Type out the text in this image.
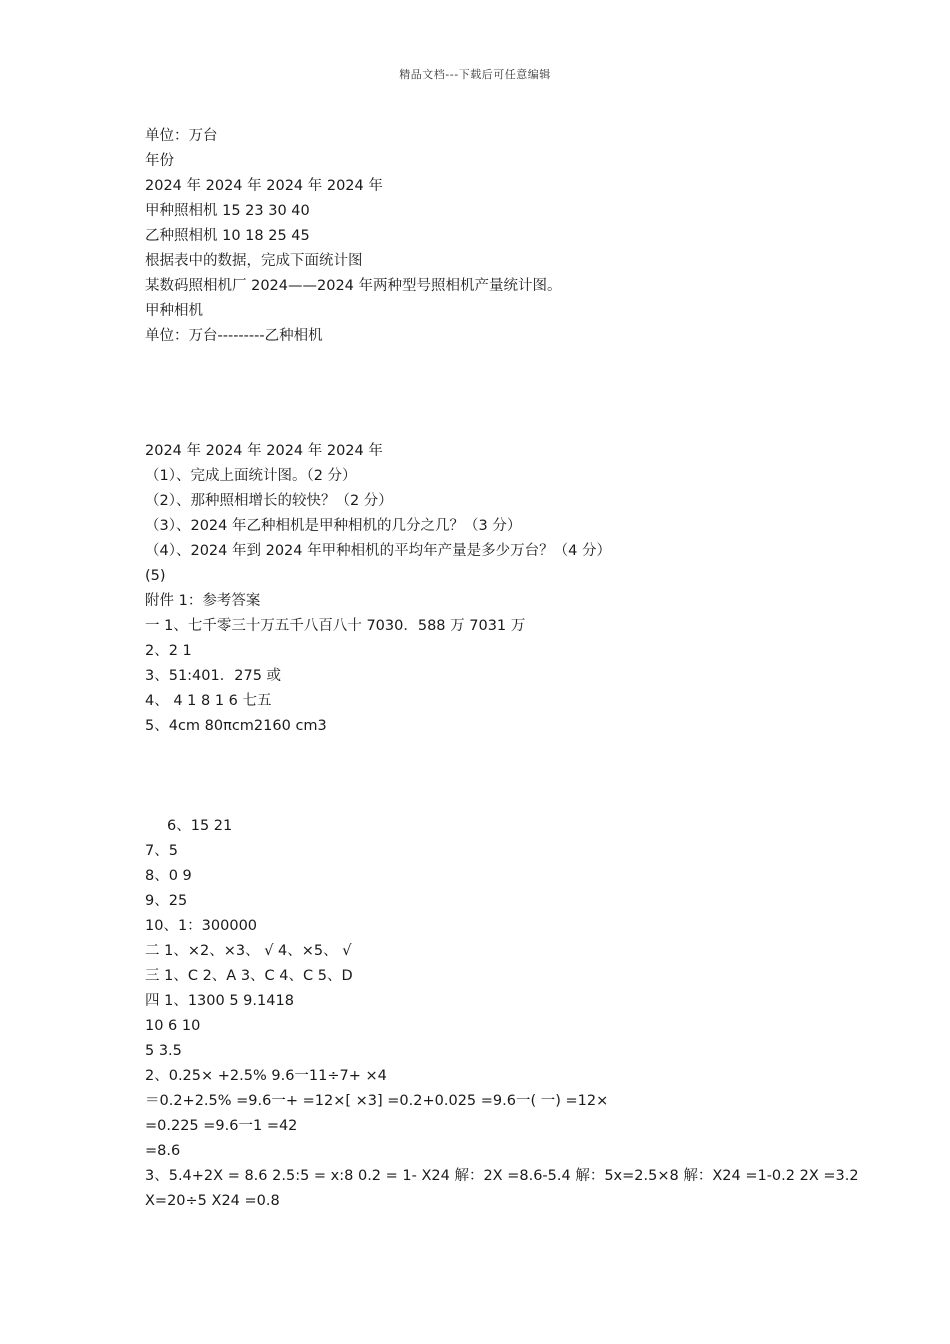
精品文档---下载后可任意编辑
单位：万台
年份
2024 年 2024 年 2024 年 2024 年
甲种照相机 15 23 30 40
乙种照相机 10 18 25 45
根据表中的数据，完成下面统计图
某数码照相机厂 2024——2024 年两种型号照相机产量统计图。
甲种相机
单位：万台---------乙种相机
2024 年 2024 年 2024 年 2024 年
（1）、完成上面统计图。（2 分）
（2）、那种照相增长的较快？（2 分）
（3）、2024 年乙种相机是甲种相机的几分之几？（3 分）
（4）、2024 年到 2024 年甲种相机的平均年产量是多少万台？（4 分）
(5)
附件 1：参考答案
一 1、七千零三十万五千八百八十 7030．588 万 7031 万
2、2 1
3、51:401．275 或
4、 4 1 8 1 6 七五
5、4cm 80πcm2160 cm3
6、15 21
7、5
8、0 9
9、25
10、1：300000
二 1、×2、×3、 √ 4、×5、 √
三 1、C 2、A 3、C 4、C 5、D
四 1、1300 5 9.1418
10 6 10
5 3.5
2、0.25× +2.5% 9.6一11÷7+ ×4
＝0.2+2.5% =9.6一+ =12×[ ×3] =0.2+0.025 =9.6一( 一) =12×
=0.225 =9.6一1 =42
=8.6
3、5.4+2X = 8.6 2.5:5 = x:8 0.2 = 1- X24 解：2X =8.6-5.4 解：5x=2.5×8 解：X24 =1-0.2 2X =3.2
X=20÷5 X24 =0.8
